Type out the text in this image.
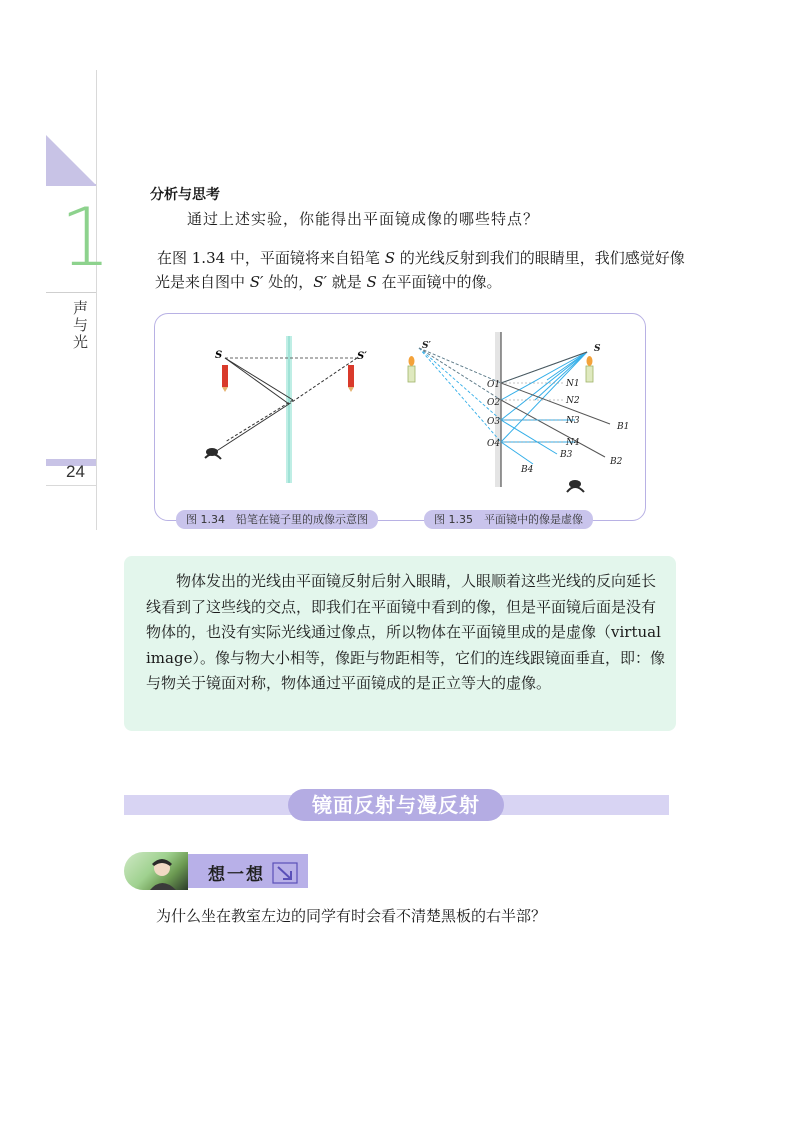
1
声与光
24
分析与思考
通过上述实验，你能得出平面镜成像的哪些特点？
在图 1.34 中，平面镜将来自铅笔 S 的光线反射到我们的眼睛里，我们感觉好像光是来自图中 S′ 处的，S′ 就是 S 在平面镜中的像。
S	S′
S′	S
O1
O2
O3
O4
N1
N2
N3
N4
B1
B2
B3
B4
图 1.34　铅笔在镜子里的成像示意图	图 1.35　平面镜中的像是虚像
物体发出的光线由平面镜反射后射入眼睛，人眼顺着这些光线的反向延长线看到了这些线的交点，即我们在平面镜中看到的像，但是平面镜后面是没有物体的，也没有实际光线通过像点，所以物体在平面镜里成的是虚像（virtual image）。像与物大小相等，像距与物距相等，它们的连线跟镜面垂直，即：像与物关于镜面对称，物体通过平面镜成的是正立等大的虚像。
镜面反射与漫反射
想一想
为什么坐在教室左边的同学有时会看不清楚黑板的右半部？
